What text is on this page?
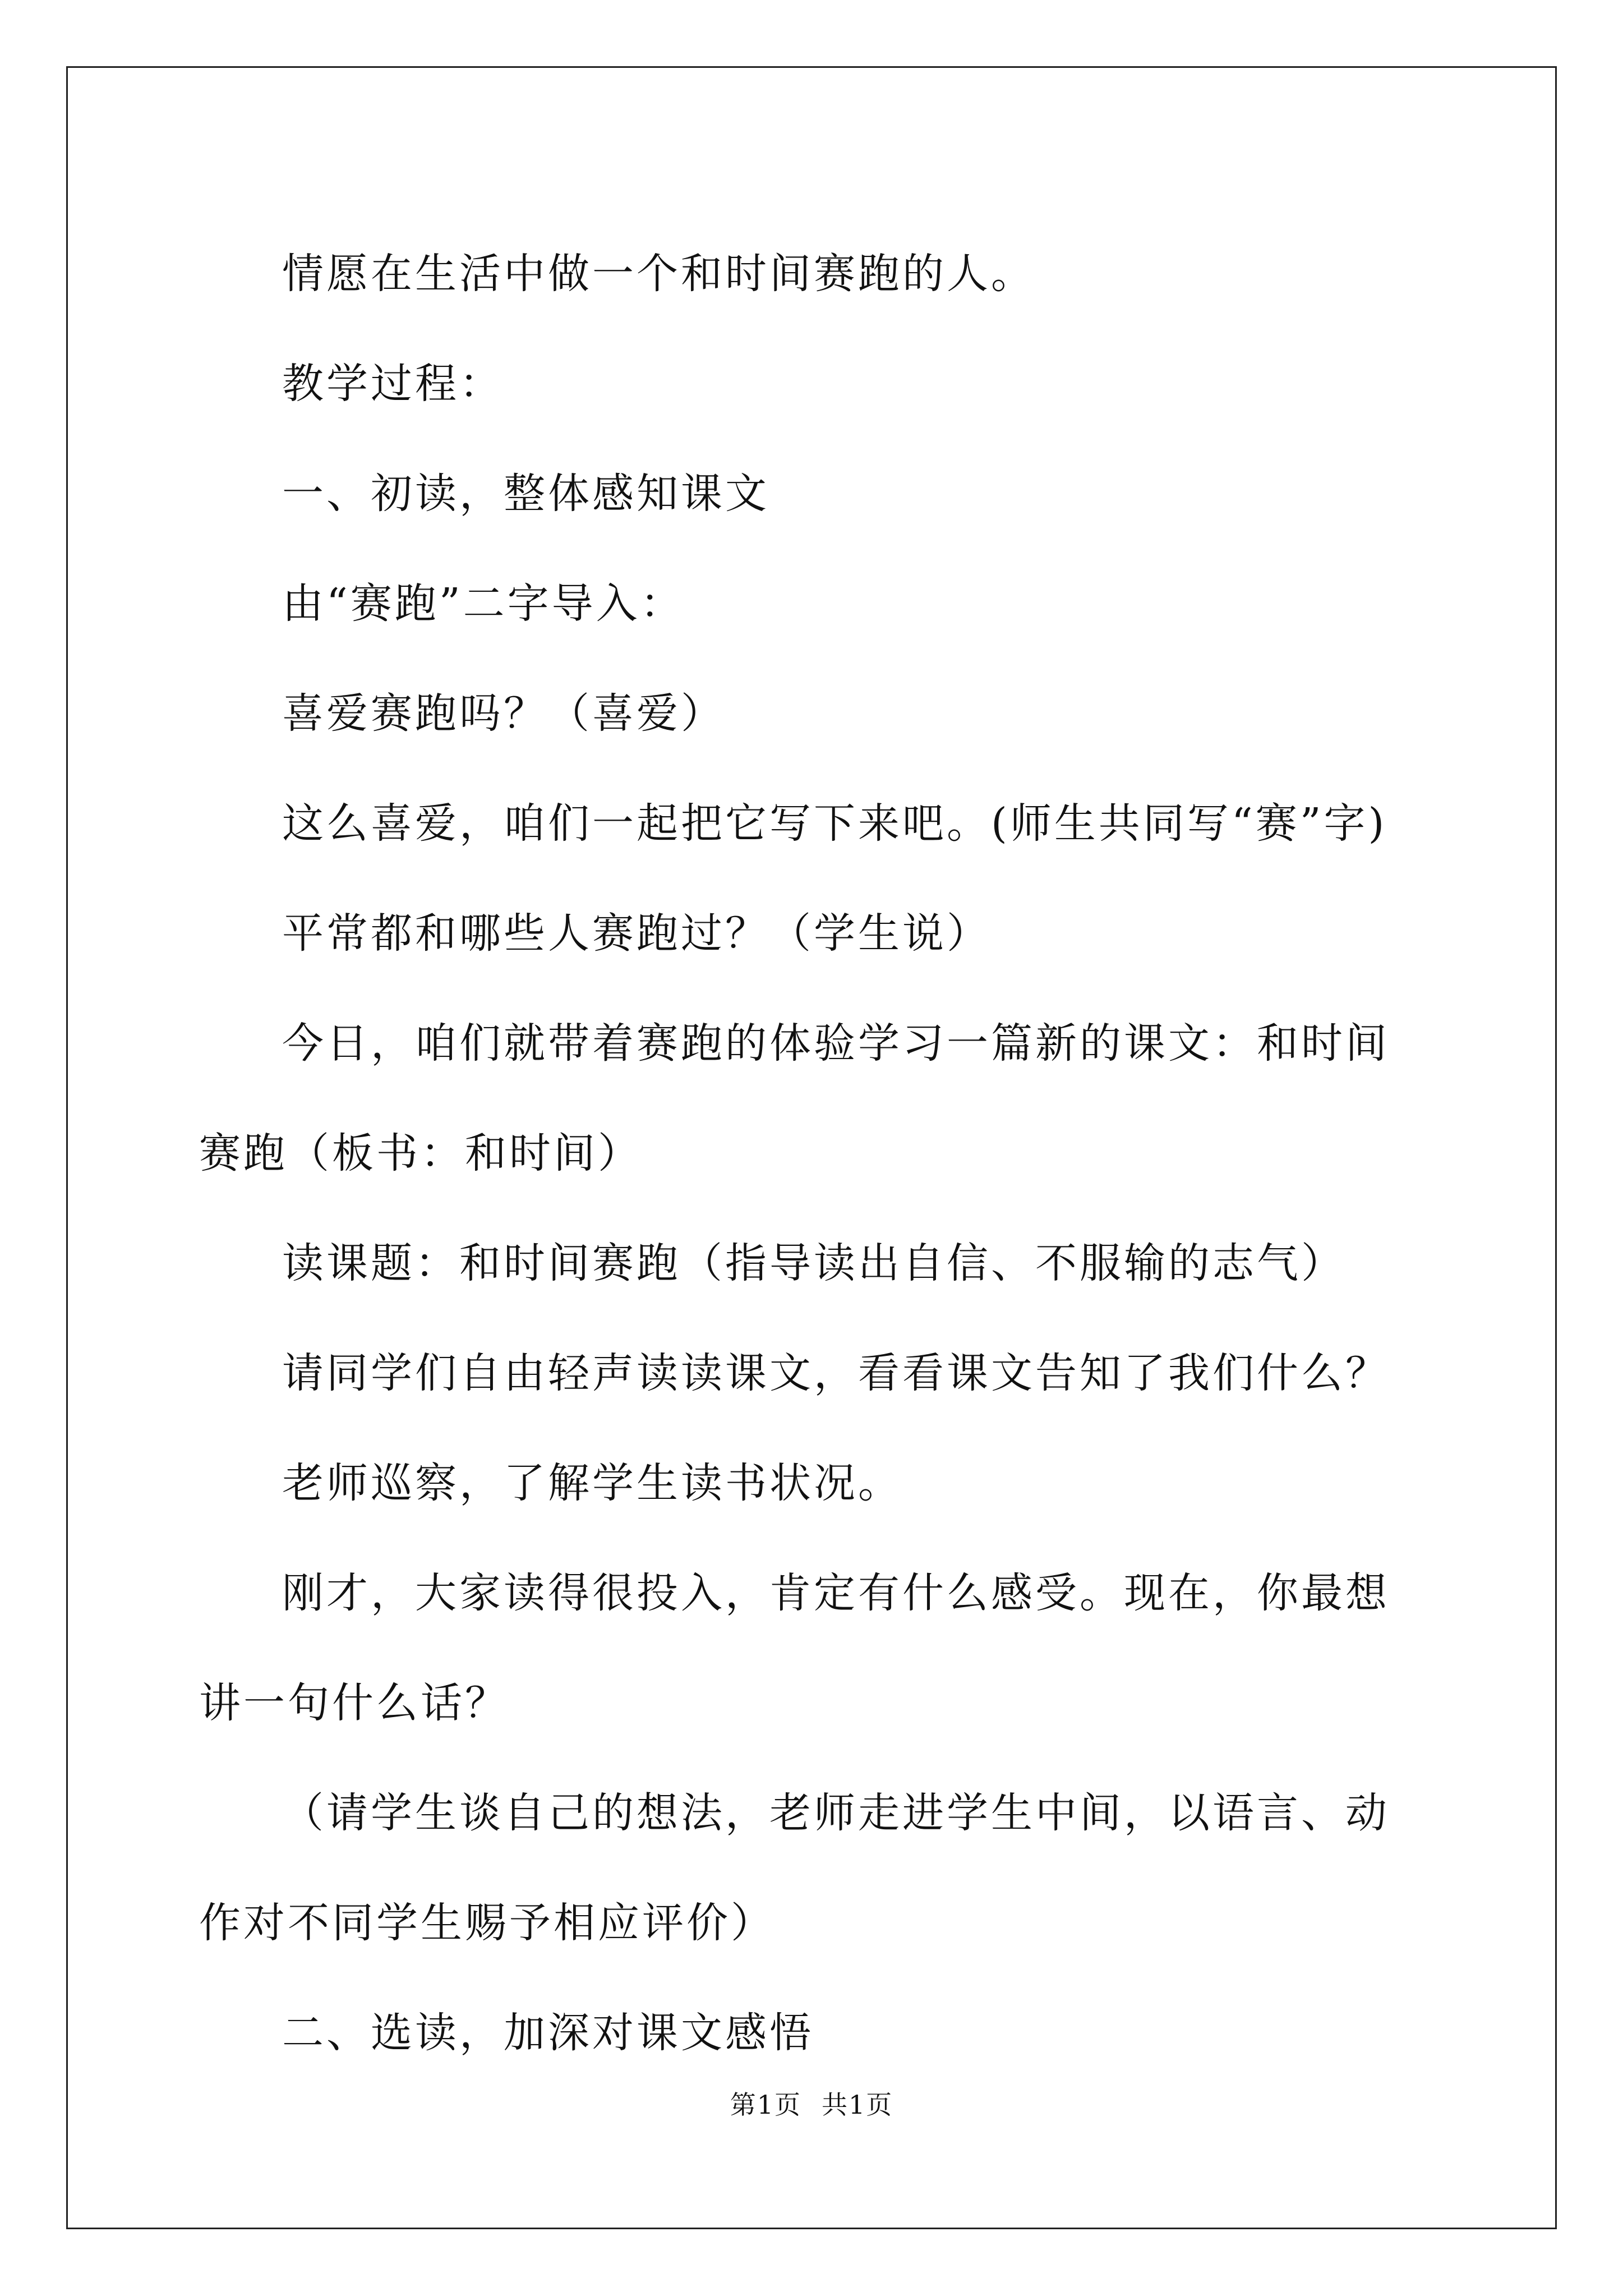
情愿在生活中做一个和时间赛跑的人。

教学过程：

一、初读，整体感知课文

由“赛跑”二字导入：

喜爱赛跑吗？（喜爱）

这么喜爱，咱们一起把它写下来吧。(师生共同写“赛”字)

平常都和哪些人赛跑过？（学生说）

今日，咱们就带着赛跑的体验学习一篇新的课文：和时间赛跑（板书：和时间）

读课题：和时间赛跑（指导读出自信、不服输的志气）

请同学们自由轻声读读课文，看看课文告知了我们什么？

老师巡察，了解学生读书状况。

刚才，大家读得很投入，肯定有什么感受。现在，你最想讲一句什么话？

（请学生谈自己的想法，老师走进学生中间，以语言、动作对不同学生赐予相应评价）

二、选读，加深对课文感悟

第1页 共1页
